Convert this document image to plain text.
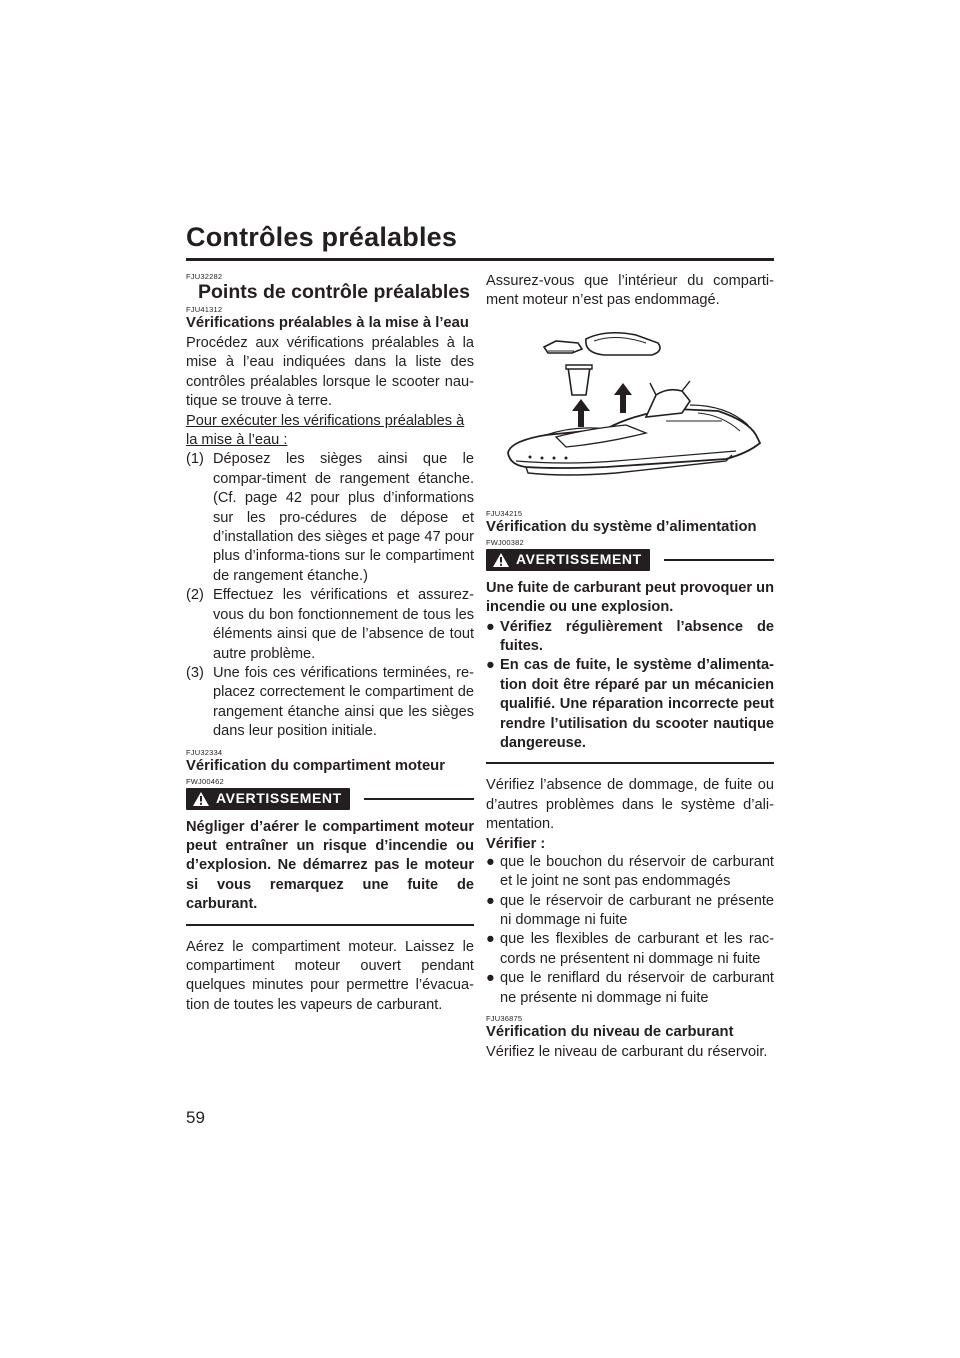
Contrôles préalables
FJU32282
Points de contrôle préalables
FJU41312
Vérifications préalables à la mise à l’eau

Procédez aux vérifications préalables à la mise à l’eau indiquées dans la liste des contrôles préalables lorsque le scooter nau-tique se trouve à terre.

Pour exécuter les vérifications préalables à la mise à l’eau :

(1) Déposez les sièges ainsi que le compar-timent de rangement étanche. (Cf. page 42 pour plus d’informations sur les pro-cédures de dépose et d’installation des sièges et page 47 pour plus d’informa-tions sur le compartiment de rangement étanche.)
(2) Effectuez les vérifications et assurez-vous du bon fonctionnement de tous les éléments ainsi que de l’absence de tout autre problème.
(3) Une fois ces vérifications terminées, re-placez correctement le compartiment de rangement étanche ainsi que les sièges dans leur position initiale.
FJU32334
Vérification du compartiment moteur
FWJ00462
AVERTISSEMENT

Négliger d’aérer le compartiment moteur peut entraîner un risque d’incendie ou d’explosion. Ne démarrez pas le moteur si vous remarquez une fuite de carburant.

Aérez le compartiment moteur. Laissez le compartiment moteur ouvert pendant quelques minutes pour permettre l’évacua-tion de toutes les vapeurs de carburant.

Assurez-vous que l’intérieur du comparti-ment moteur n’est pas endommagé.

FJU34215
Vérification du système d’alimentation
FWJ00382
AVERTISSEMENT

Une fuite de carburant peut provoquer un incendie ou une explosion.

● Vérifiez régulièrement l’absence de fuites.
● En cas de fuite, le système d’alimenta-tion doit être réparé par un mécanicien qualifié. Une réparation incorrecte peut rendre l’utilisation du scooter nautique dangereuse.

Vérifiez l’absence de dommage, de fuite ou d’autres problèmes dans le système d’ali-mentation.

Vérifier :
● que le bouchon du réservoir de carburant et le joint ne sont pas endommagés
● que le réservoir de carburant ne présente ni dommage ni fuite
● que les flexibles de carburant et les rac-cords ne présentent ni dommage ni fuite
● que le reniflard du réservoir de carburant ne présente ni dommage ni fuite
FJU36875
Vérification du niveau de carburant

Vérifiez le niveau de carburant du réservoir.

59
